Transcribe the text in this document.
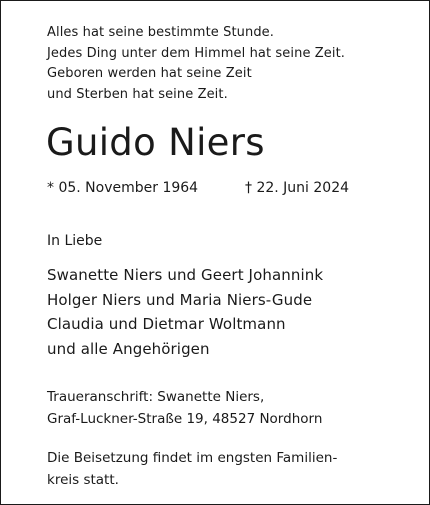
Alles hat seine bestimmte Stunde.
Jedes Ding unter dem Himmel hat seine Zeit.
Geboren werden hat seine Zeit
und Sterben hat seine Zeit.
Guido Niers
* 05. November 1964	† 22. Juni 2024
In Liebe
Swanette Niers und Geert Johannink
Holger Niers und Maria Niers-Gude
Claudia und Dietmar Woltmann
und alle Angehörigen
Traueranschrift: Swanette Niers,
Graf-Luckner-Straße 19, 48527 Nordhorn
Die Beisetzung findet im engsten Familien-
kreis statt.
